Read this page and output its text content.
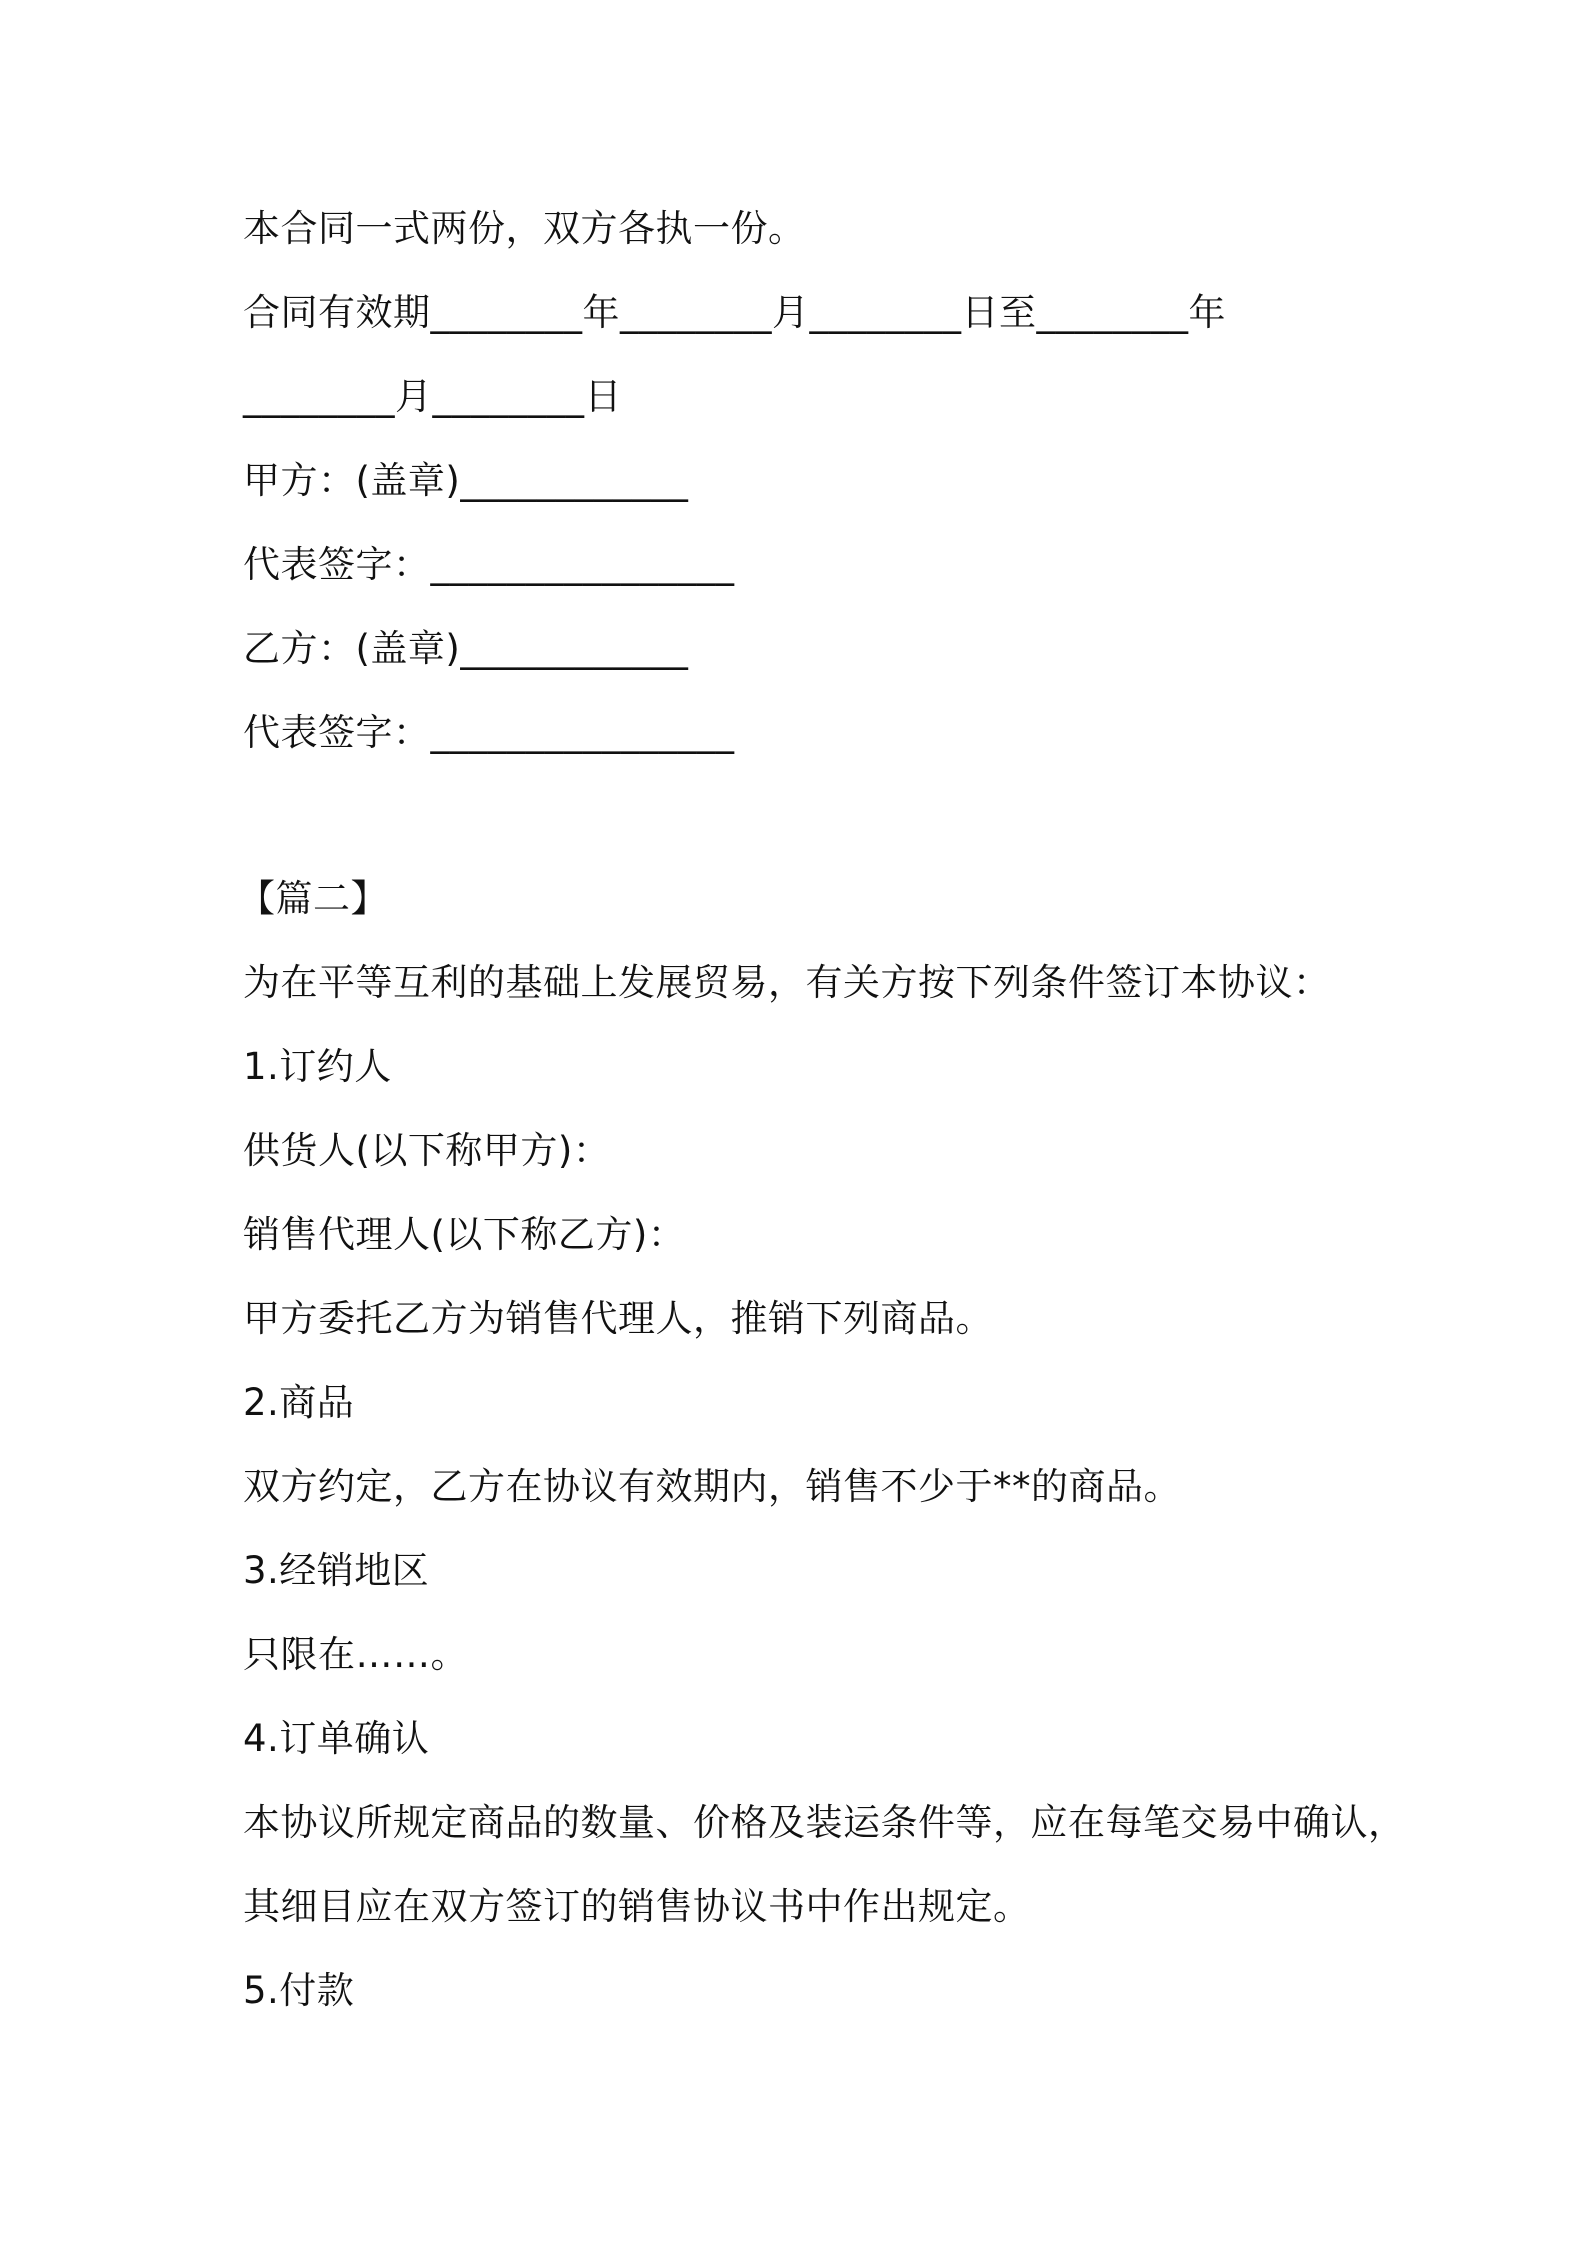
本合同一式两份，双方各执一份。
合同有效期________年________月________日至________年
________月________日
甲方：(盖章)____________
代表签字：________________
乙方：(盖章)____________
代表签字：________________
【篇二】
为在平等互利的基础上发展贸易，有关方按下列条件签订本协议：
1.订约人
供货人(以下称甲方)：
销售代理人(以下称乙方)：
甲方委托乙方为销售代理人，推销下列商品。
2.商品
双方约定，乙方在协议有效期内，销售不少于**的商品。
3.经销地区
只限在……。
4.订单确认
本协议所规定商品的数量、价格及装运条件等，应在每笔交易中确认，
其细目应在双方签订的销售协议书中作出规定。
5.付款
